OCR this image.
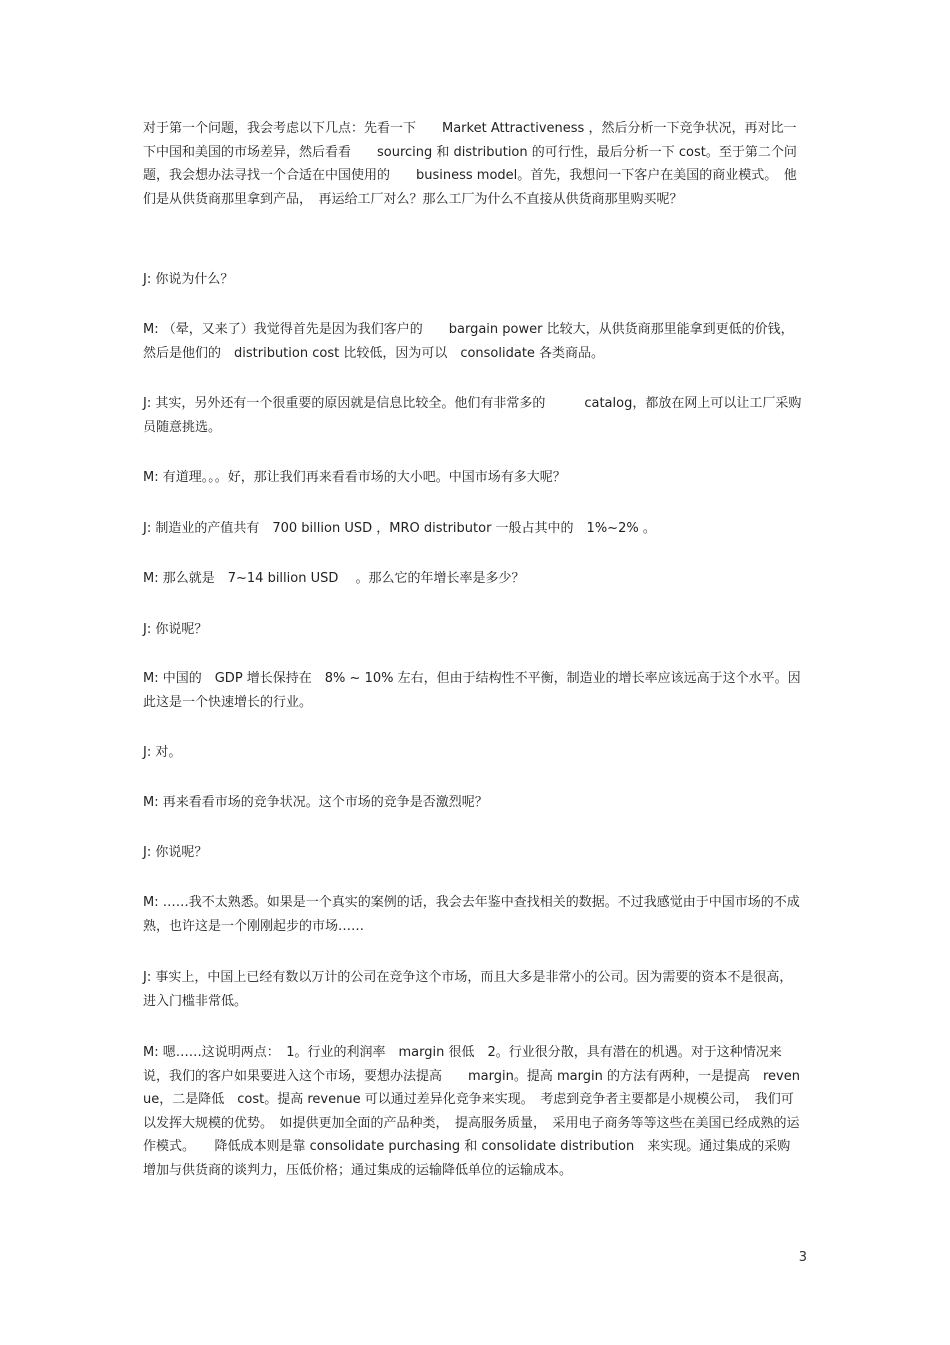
对于第一个问题，我会考虑以下几点：先看一下　　Market Attractiveness ，然后分析一下竞争状况，再对比一下中国和美国的市场差异，然后看看　　sourcing 和 distribution 的可行性，最后分析一下 cost。至于第二个问题，我会想办法寻找一个合适在中国使用的　　business model。首先，我想问一下客户在美国的商业模式。　他们是从供货商那里拿到产品，　再运给工厂对么？那么工厂为什么不直接从供货商那里购买呢？
J: 你说为什么？
M: （晕，又来了）我觉得首先是因为我们客户的　　bargain power 比较大，从供货商那里能拿到更低的价钱，然后是他们的　distribution cost 比较低，因为可以　consolidate 各类商品。
J: 其实，另外还有一个很重要的原因就是信息比较全。他们有非常多的　　　catalog，都放在网上可以让工厂采购员随意挑选。
M: 有道理。。。好，那让我们再来看看市场的大小吧。中国市场有多大呢？
J: 制造业的产值共有　700 billion USD ，MRO distributor 一般占其中的　1%~2% 。
M: 那么就是　7~14 billion USD 　。那么它的年增长率是多少？
J: 你说呢？
M: 中国的　GDP 增长保持在　8% ~ 10% 左右，但由于结构性不平衡，制造业的增长率应该远高于这个水平。因此这是一个快速增长的行业。
J: 对。
M: 再来看看市场的竞争状况。这个市场的竞争是否激烈呢？
J: 你说呢？
M: ……我不太熟悉。如果是一个真实的案例的话，我会去年鉴中查找相关的数据。不过我感觉由于中国市场的不成熟，也许这是一个刚刚起步的市场……
J: 事实上，中国上已经有数以万计的公司在竞争这个市场，而且大多是非常小的公司。因为需要的资本不是很高，进入门槛非常低。
M: 嗯……这说明两点：　1。行业的利润率　margin 很低　2。行业很分散，具有潜在的机遇。对于这种情况来说，我们的客户如果要进入这个市场，要想办法提高　　margin。提高 margin 的方法有两种，一是提高　revenue，二是降低　cost。提高 revenue 可以通过差异化竞争来实现。　考虑到竞争者主要都是小规模公司，　我们可以发挥大规模的优势。　如提供更加全面的产品种类，　提高服务质量，　采用电子商务等等这些在美国已经成熟的运作模式。　　降低成本则是靠 consolidate purchasing 和 consolidate distribution　来实现。通过集成的采购增加与供货商的谈判力，压低价格；通过集成的运输降低单位的运输成本。
3
